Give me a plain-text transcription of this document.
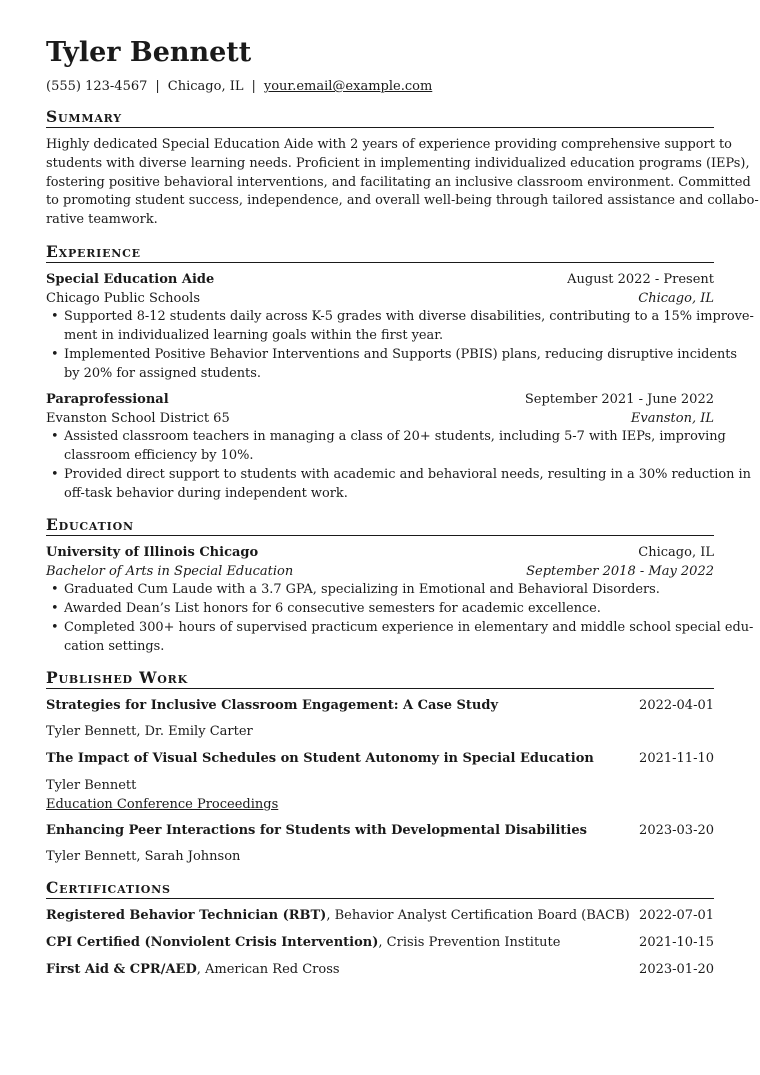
Tyler Bennett
(555) 123-4567 | Chicago, IL | your.email@example.com
Summary
Highly dedicated Special Education Aide with 2 years of experience providing comprehensive support to
students with diverse learning needs. Proficient in implementing individualized education programs (IEPs),
fostering positive behavioral interventions, and facilitating an inclusive classroom environment. Committed
to promoting student success, independence, and overall well-being through tailored assistance and collabo-
rative teamwork.
Experience
Special Education Aide	August 2022 - Present
Chicago Public Schools	Chicago, IL
• Supported 8-12 students daily across K-5 grades with diverse disabilities, contributing to a 15% improve-
ment in individualized learning goals within the first year.
• Implemented Positive Behavior Interventions and Supports (PBIS) plans, reducing disruptive incidents
by 20% for assigned students.
Paraprofessional	September 2021 - June 2022
Evanston School District 65	Evanston, IL
• Assisted classroom teachers in managing a class of 20+ students, including 5-7 with IEPs, improving
classroom efficiency by 10%.
• Provided direct support to students with academic and behavioral needs, resulting in a 30% reduction in
off-task behavior during independent work.
Education
University of Illinois Chicago	Chicago, IL
Bachelor of Arts in Special Education	September 2018 - May 2022
• Graduated Cum Laude with a 3.7 GPA, specializing in Emotional and Behavioral Disorders.
• Awarded Dean’s List honors for 6 consecutive semesters for academic excellence.
• Completed 300+ hours of supervised practicum experience in elementary and middle school special edu-
cation settings.
Published Work
Strategies for Inclusive Classroom Engagement: A Case Study	2022-04-01
Tyler Bennett, Dr. Emily Carter
The Impact of Visual Schedules on Student Autonomy in Special Education	2021-11-10
Tyler Bennett
Education Conference Proceedings
Enhancing Peer Interactions for Students with Developmental Disabilities	2023-03-20
Tyler Bennett, Sarah Johnson
Certifications
Registered Behavior Technician (RBT), Behavior Analyst Certification Board (BACB) 2022-07-01
CPI Certified (Nonviolent Crisis Intervention), Crisis Prevention Institute	2021-10-15
First Aid & CPR/AED, American Red Cross	2023-01-20
